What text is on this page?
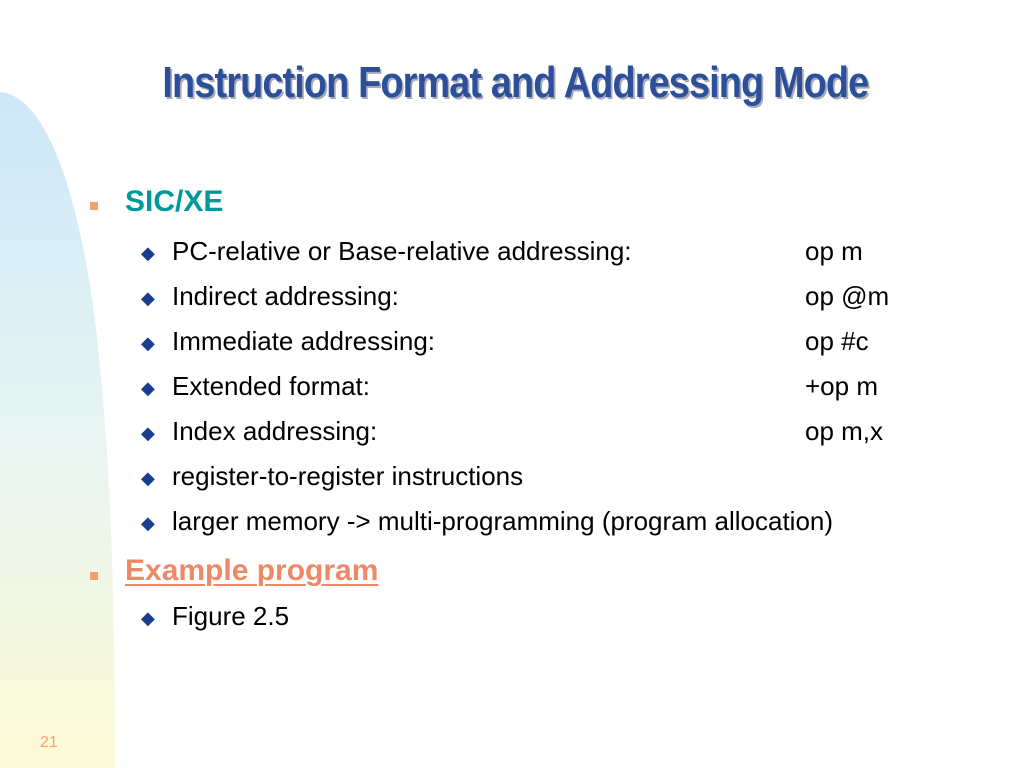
Instruction Format and Addressing Mode
SIC/XE
◆ PC-relative or Base-relative addressing:	op m
◆ Indirect addressing:	op @m
◆ Immediate addressing:	op #c
◆ Extended format:	+op m
◆ Index addressing:	op m,x
◆ register-to-register instructions
◆ larger memory -> multi-programming (program allocation)
Example program
◆ Figure 2.5
21
